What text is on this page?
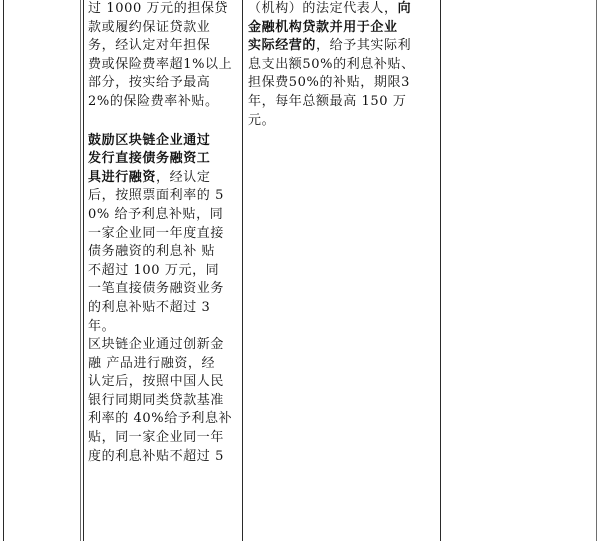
过 1000 万元的担保贷

款或履约保证贷款业

务，经认定对年担保

费或保险费率超1%以上

部分，按实给予最高

2%的保险费率补贴。

鼓励区块链企业通过

发行直接债务融资工

具进行融资，经认定

后，按照票面利率的 5

0% 给予利息补贴，同

一家企业同一年度直接

债务融资的利息补 贴

不超过 100 万元，同

一笔直接债务融资业务

的利息补贴不超过 3

年。

区块链企业通过创新金

融 产品进行融资，经

认定后，按照中国人民

银行同期同类贷款基准

利率的 40%给予利息补

贴，同一家企业同一年

度的利息补贴不超过 5

（机构）的法定代表人，向

金融机构贷款并用于企业

实际经营的，给予其实际利

息支出额50%的利息补贴、

担保费50%的补贴，期限3

年，每年总额最高 150 万

元。
